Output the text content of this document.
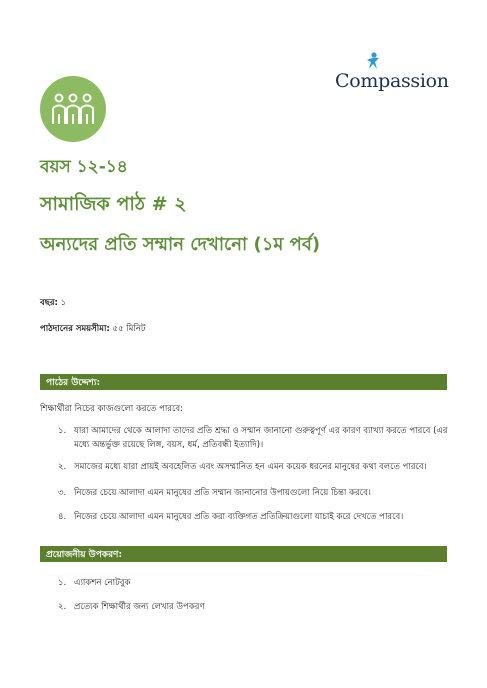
Compassion
বয়স ১২-১৪
সামাজিক পাঠ # ২
অন্যদের প্রতি সম্মান দেখানো (১ম পর্ব)
বছর: ১
পাঠদানের সময়সীমা: ৫৫ মিনিট
পাঠের উদ্দেশ্য:
শিক্ষার্থীরা নিচের কাজগুলো করতে পারবে:
১. যারা আমাদের থেকে আলাদা তাদের প্রতি শ্রদ্ধা ও সম্মান জানানো গুরুত্বপূর্ণ এর কারণ ব্যাখ্যা করতে পারবে (এর মধ্যে অন্তর্ভুক্ত রয়েছে লিঙ্গ, বয়স, ধর্ম, প্রতিবন্ধী ইত্যাদি)।
২. সমাজের মধ্যে যারা প্রায়ই অবহেলিত এবং অসম্মানিত হন এমন কয়েক ধরনের মানুষের কথা বলতে পারবে।
৩. নিজের চেয়ে আলাদা এমন মানুষের প্রতি সম্মান জানানোর উপায়গুলো নিয়ে চিন্তা করবে।
৪. নিজের চেয়ে আলাদা এমন মানুষের প্রতি করা ব্যক্তিগত প্রতিক্রিয়াগুলো যাচাই করে দেখতে পারবে।
প্রয়োজনীয় উপকরণ:
১. এ্যাকশন নোটবুক
২. প্রত্যেক শিক্ষার্থীর জন্য লেখার উপকরণ
